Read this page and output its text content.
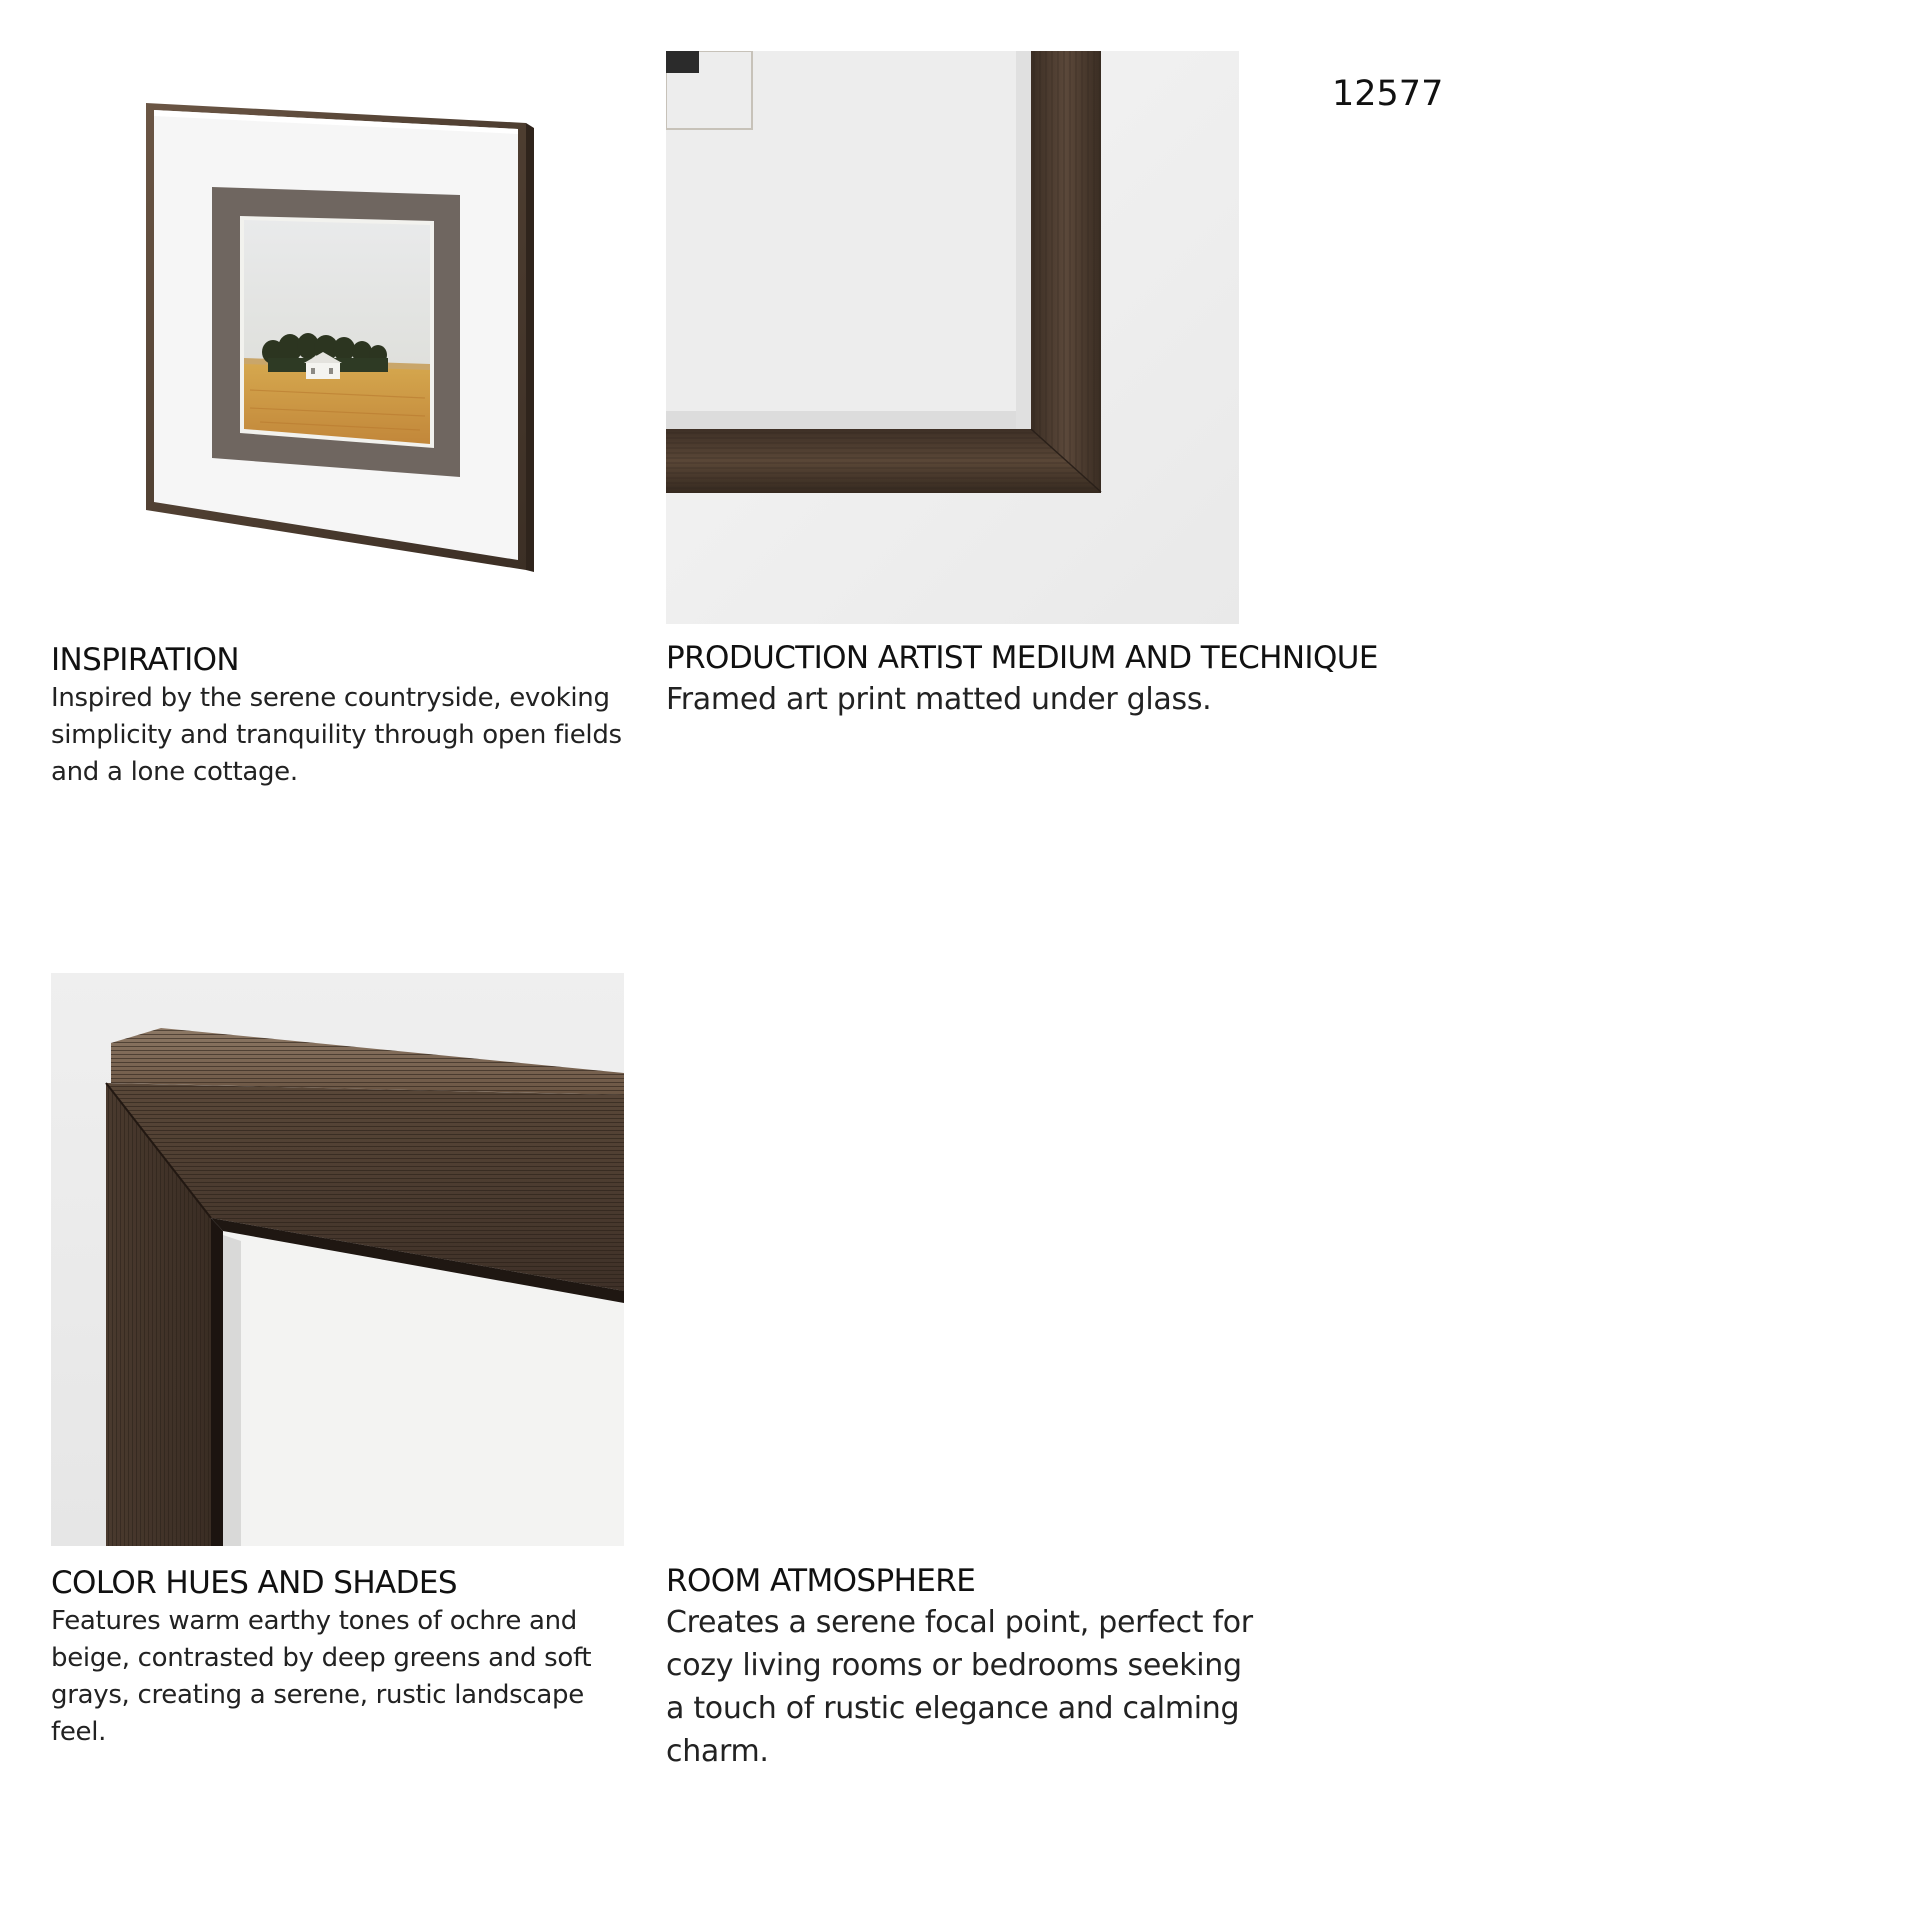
12577
INSPIRATION

Inspired by the serene countryside, evoking simplicity and tranquility through open fields and a lone cottage.

PRODUCTION ARTIST MEDIUM AND TECHNIQUE

Framed art print matted under glass.

COLOR HUES AND SHADES

Features warm earthy tones of ochre and beige, contrasted by deep greens and soft grays, creating a serene, rustic landscape feel.

ROOM ATMOSPHERE

Creates a serene focal point, perfect for cozy living rooms or bedrooms seeking a touch of rustic elegance and calming charm.
